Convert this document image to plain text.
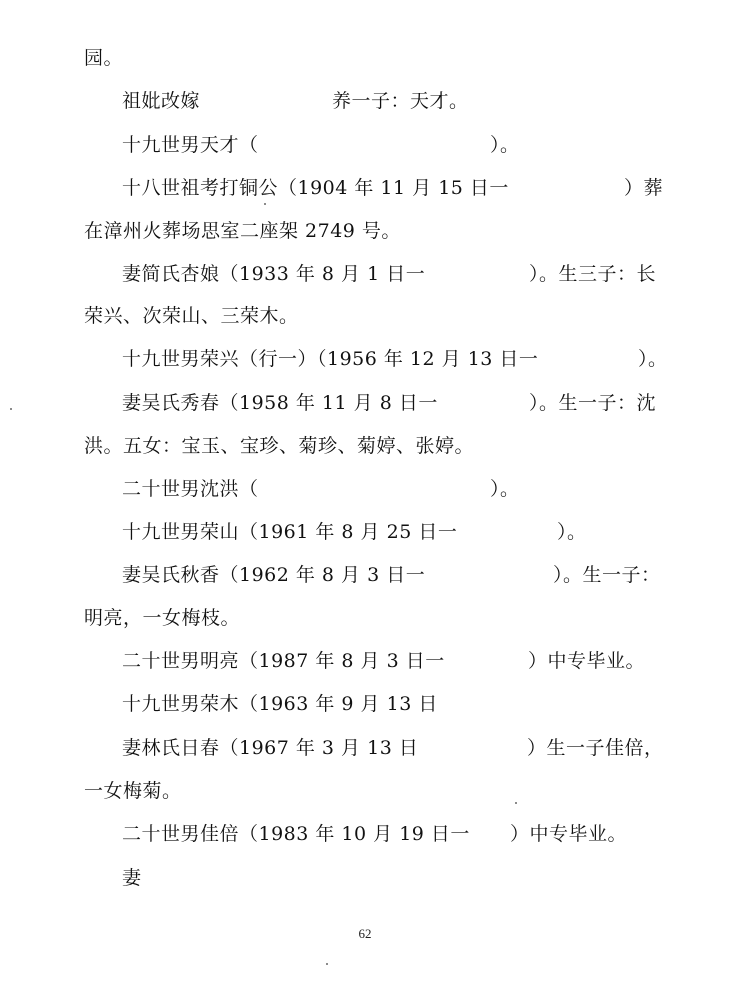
园。
祖妣改嫁	养一子：天才。
十九世男天才（	）。
十八世祖考打铜公（1904 年 11 月 15 日一	）葬
在漳州火葬场思室二座架 2749 号。
妻简氏杏娘（1933 年 8 月 1 日一	）。生三子：长
荣兴、次荣山、三荣木。
十九世男荣兴（行一）（1956 年 12 月 13 日一	）。
妻吴氏秀春（1958 年 11 月 8 日一	）。生一子：沈
洪。五女：宝玉、宝珍、菊珍、菊婷、张婷。
二十世男沈洪（	）。
十九世男荣山（1961 年 8 月 25 日一	）。
妻吴氏秋香（1962 年 8 月 3 日一	）。生一子：
明亮，一女梅枝。
二十世男明亮（1987 年 8 月 3 日一	）中专毕业。
十九世男荣木（1963 年 9 月 13 日
妻林氏日春（1967 年 3 月 13 日	）生一子佳倍，
一女梅菊。
二十世男佳倍（1983 年 10 月 19 日一 ）中专毕业。
妻
62
